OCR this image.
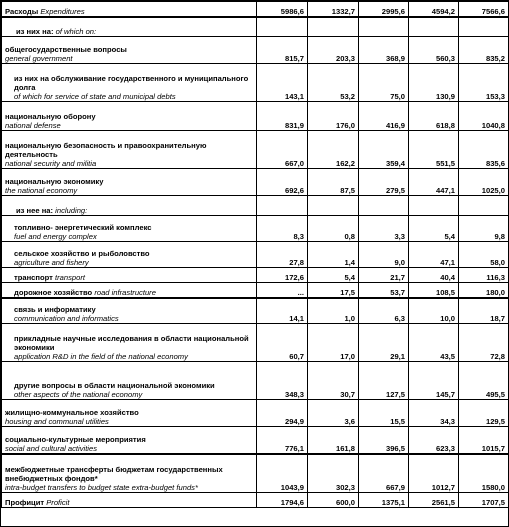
Расходы Expenditures	5986,6	1332,7	2995,6	4594,2	7566,6
из них на: of which on:					

общегосударственные вопросы
general government	815,7	203,3	368,9	560,3	835,2

из них на обслуживание государственного и муниципального долга
of which for service of state and municipal debts	143,1	53,2	75,0	130,9	153,3

национальную оборону
national defense	831,9	176,0	416,9	618,8	1040,8

национальную безопасность и правоохранительную деятельность
national security and militia	667,0	162,2	359,4	551,5	835,6

национальную экономику
the national economy	692,6	87,5	279,5	447,1	1025,0
из нее на: including:					

топливно- энергетический комплекс
fuel and energy complex	8,3	0,8	3,3	5,4	9,8

сельское хозяйство и рыболовство
agriculture and fishery	27,8	1,4	9,0	47,1	58,0
транспорт transport	172,6	5,4	21,7	40,4	116,3
дорожное хозяйство road infrastructure	...	17,5	53,7	108,5	180,0

связь и информатику
communication and informatics	14,1	1,0	6,3	10,0	18,7

прикладные научные исследования в области национальной экономики
application R&D in the field of the national economy	60,7	17,0	29,1	43,5	72,8

другие вопросы в области национальной экономики
other aspects of the national economy	348,3	30,7	127,5	145,7	495,5

жилищно-коммунальное хозяйство
housing and communal utilities	294,9	3,6	15,5	34,3	129,5

социально-культурные мероприятия
social and cultural activities	776,1	161,8	396,5	623,3	1015,7

межбюджетные трансферты бюджетам государственных внебюджетных фондов*
intra-budget transfers to budget state extra-budget funds*	1043,9	302,3	667,9	1012,7	1580,0
Профицит Proficit	1794,6	600,0	1375,1	2561,5	1707,5
